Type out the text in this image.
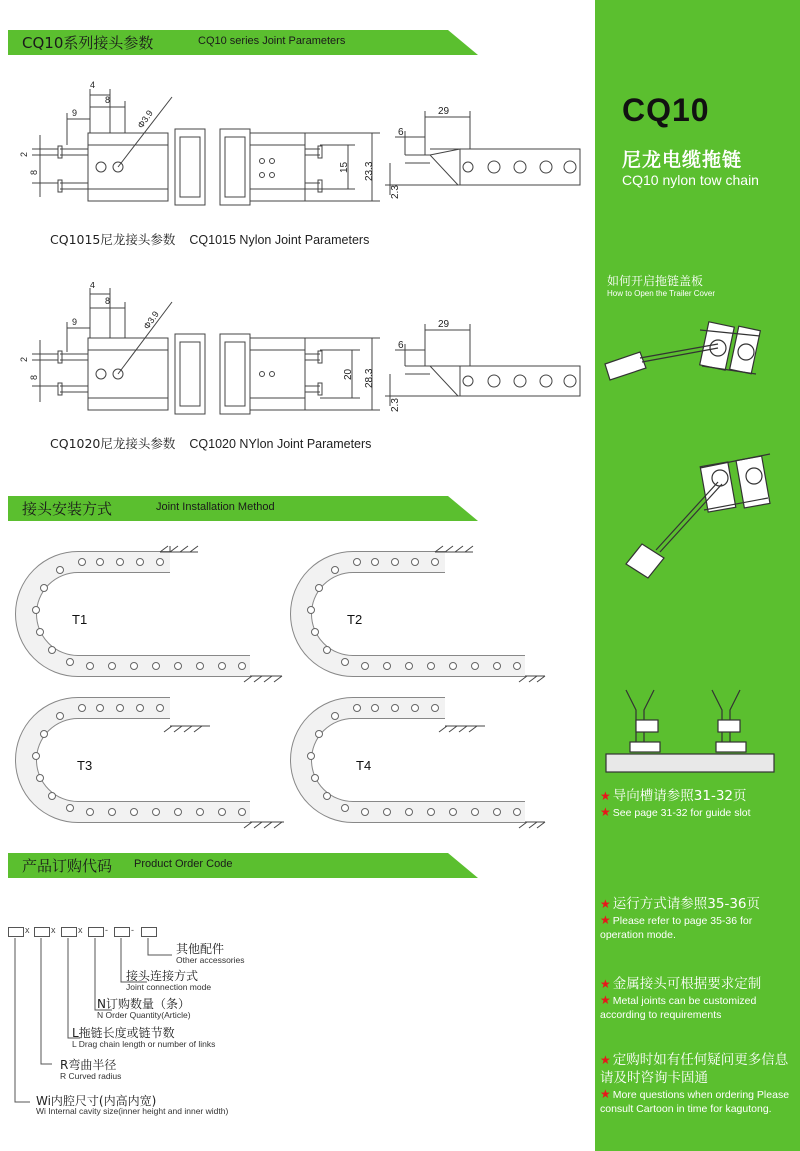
CQ10系列接头参数	CQ10 series Joint Parameters
接头安装方式	Joint Installation Method
产品订购代码 Product Order Code
4
8
9	Φ3.9
2
8	15 23.3
29
6
2.3
CQ1015尼龙接头参数 CQ1015 Nylon Joint Parameters
4
8
9	Φ3.9
2
8	20 28.3
29
6
2.3
CQ1020尼龙接头参数 CQ1020 NYlon Joint Parameters
T1	T2
T3	T4
x x	x	-	-
其他配件
Other accessories
接头连接方式
Joint connection mode
N订购数量（条）
N Order Quantity(Article)
L拖链长度或链节数
L Drag chain length or number of links
R弯曲半径
R Curved radius
Wi内腔尺寸(内高内宽)
Wi Internal cavity size(inner height and inner width)
CQ10
尼龙电缆拖链
CQ10 nylon tow chain
如何开启拖链盖板
How to Open the Trailer Cover
★ 导向槽请参照31-32页
★ See page 31-32 for guide slot
★ 运行方式请参照35-36页
★ Please refer to page 35-36 for operation mode.
★ 金属接头可根据要求定制
★ Metal joints can be customized according to requirements
★ 定购时如有任何疑问更多信息请及时咨询卡固通
★ More questions when ordering Please consult Cartoon in time for kagutong.
